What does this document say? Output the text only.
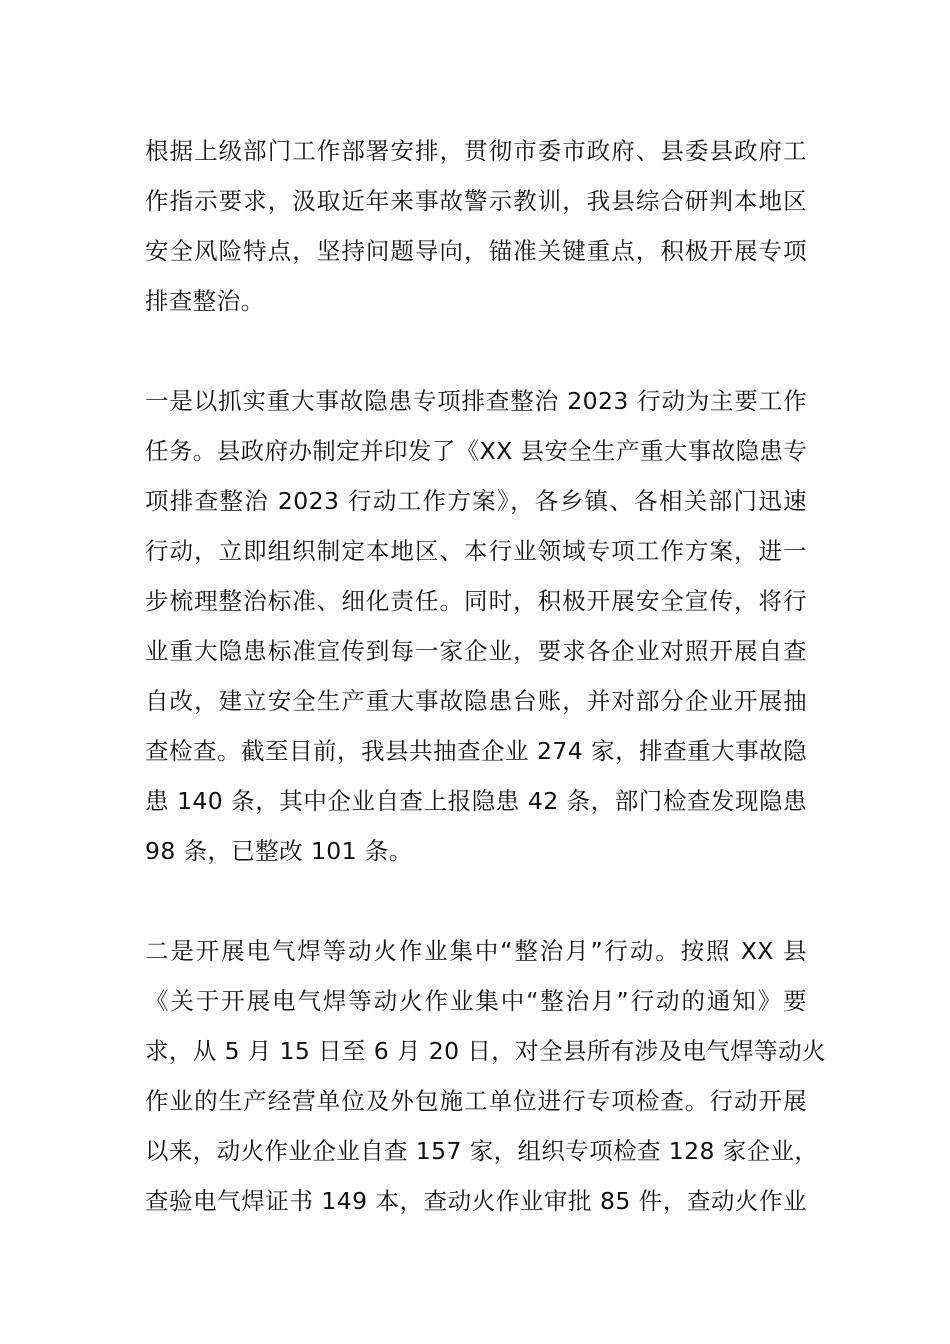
根据上级部门工作部署安排，贯彻市委市政府、县委县政府工
作指示要求，汲取近年来事故警示教训，我县综合研判本地区
安全风险特点，坚持问题导向，锚准关键重点，积极开展专项
排查整治。
一是以抓实重大事故隐患专项排查整治 2023 行动为主要工作
任务。县政府办制定并印发了《XX 县安全生产重大事故隐患专
项排查整治 2023 行动工作方案》，各乡镇、各相关部门迅速
行动，立即组织制定本地区、本行业领域专项工作方案，进一
步梳理整治标准、细化责任。同时，积极开展安全宣传，将行
业重大隐患标准宣传到每一家企业，要求各企业对照开展自查
自改，建立安全生产重大事故隐患台账，并对部分企业开展抽
查检查。截至目前，我县共抽查企业 274 家，排查重大事故隐
患 140 条，其中企业自查上报隐患 42 条，部门检查发现隐患
98 条，已整改 101 条。
二是开展电气焊等动火作业集中“整治月”行动。按照 XX 县
《关于开展电气焊等动火作业集中“整治月”行动的通知》要
求，从 5 月 15 日至 6 月 20 日，对全县所有涉及电气焊等动火
作业的生产经营单位及外包施工单位进行专项检查。行动开展
以来，动火作业企业自查 157 家，组织专项检查 128 家企业，
查验电气焊证书 149 本，查动火作业审批 85 件，查动火作业
